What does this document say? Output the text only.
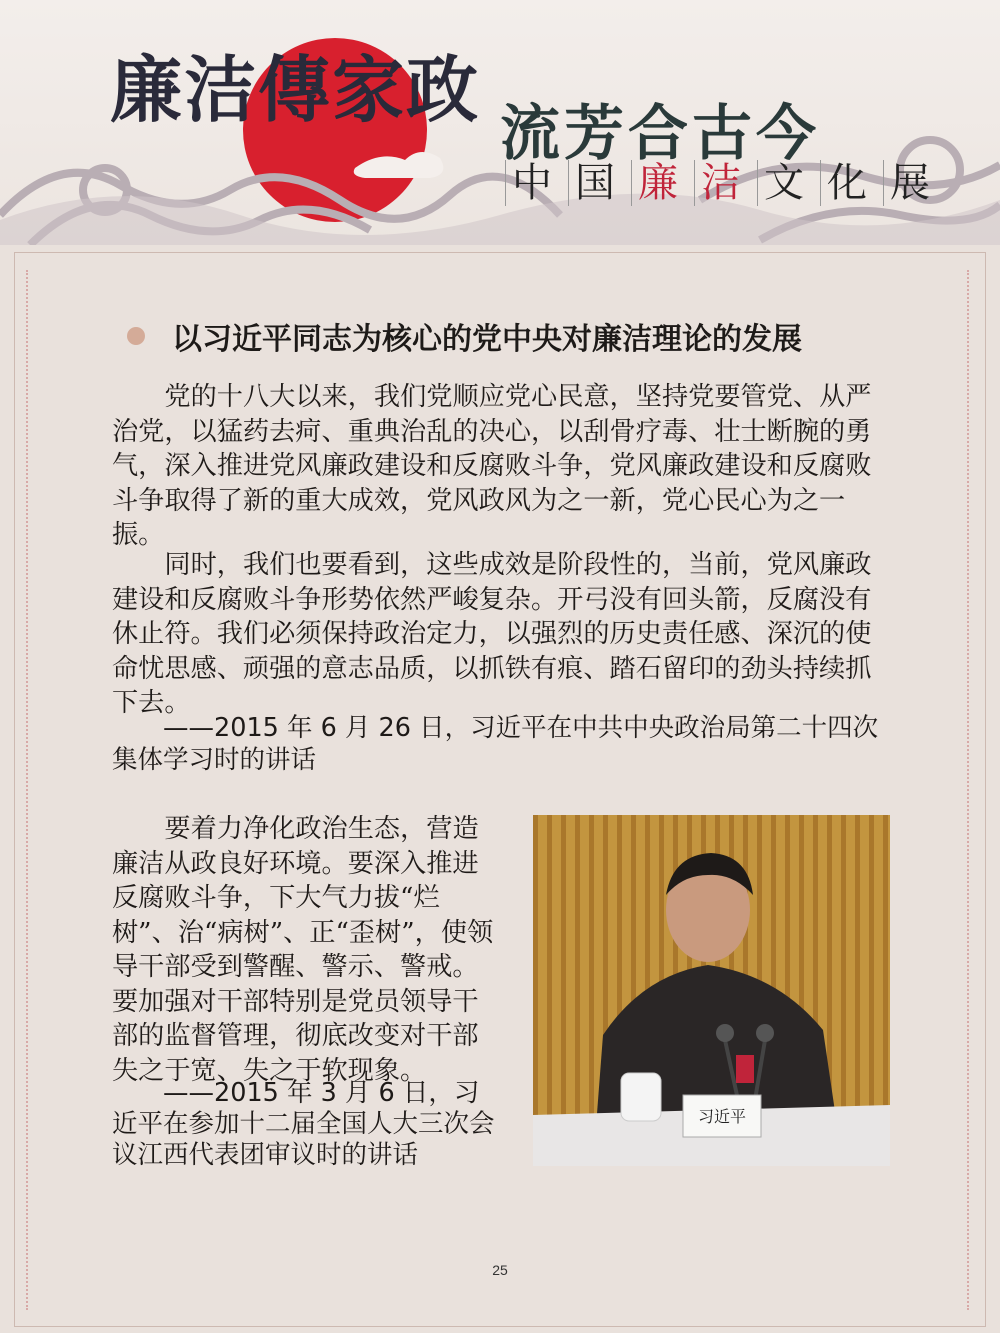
廉洁傳家政
流芳合古今
中 国 廉 洁 文 化 展
以习近平同志为核心的党中央对廉洁理论的发展
党的十八大以来，我们党顺应党心民意，坚持党要管党、从严治党，以猛药去疴、重典治乱的决心，以刮骨疗毒、壮士断腕的勇气，深入推进党风廉政建设和反腐败斗争，党风廉政建设和反腐败斗争取得了新的重大成效，党风政风为之一新，党心民心为之一振。
同时，我们也要看到，这些成效是阶段性的，当前，党风廉政建设和反腐败斗争形势依然严峻复杂。开弓没有回头箭，反腐没有休止符。我们必须保持政治定力，以强烈的历史责任感、深沉的使命忧思感、顽强的意志品质，以抓铁有痕、踏石留印的劲头持续抓下去。
——2015 年 6 月 26 日，习近平在中共中央政治局第二十四次集体学习时的讲话
要着力净化政治生态，营造廉洁从政良好环境。要深入推进反腐败斗争，下大气力拔“烂树”、治“病树”、正“歪树”，使领导干部受到警醒、警示、警戒。要加强对干部特别是党员领导干部的监督管理，彻底改变对干部失之于宽、失之于软现象。
——2015 年 3 月 6 日，习近平在参加十二届全国人大三次会议江西代表团审议时的讲话
习近平
25
